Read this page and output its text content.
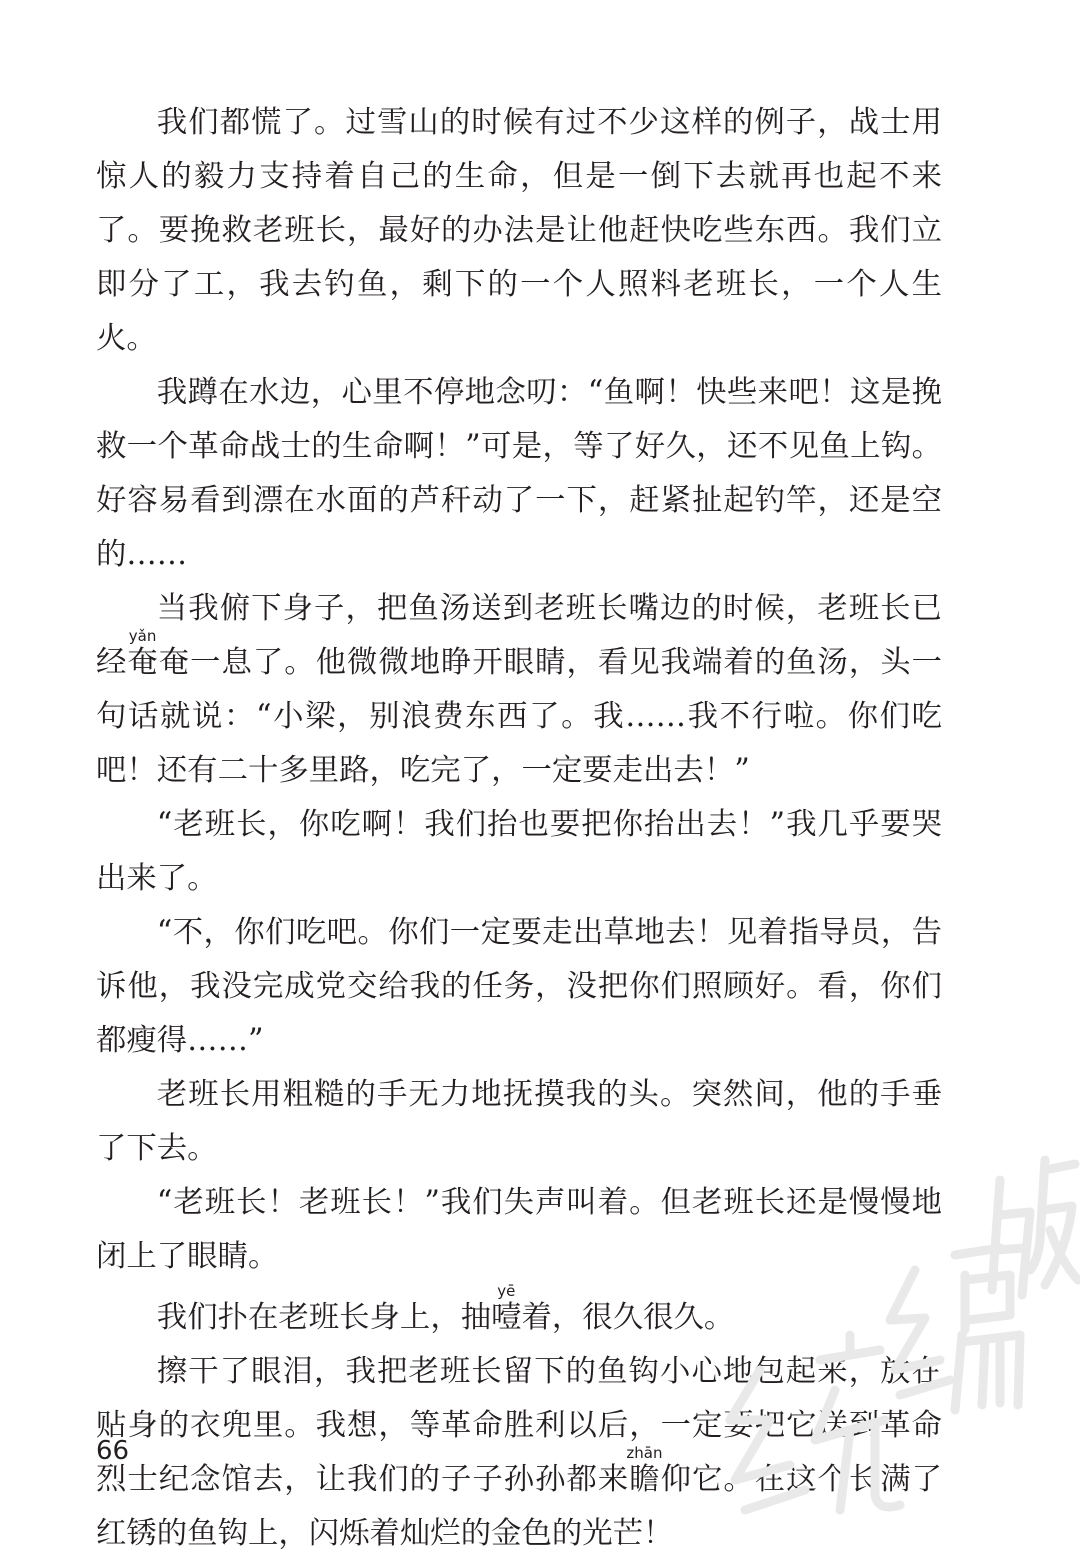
我们都慌了。过雪山的时候有过不少这样的例子，战士用惊人的毅力支持着自己的生命，但是一倒下去就再也起不来了。要挽救老班长，最好的办法是让他赶快吃些东西。我们立即分了工，我去钓鱼，剩下的一个人照料老班长，一个人生火。

我蹲在水边，心里不停地念叨：“鱼啊！快些来吧！这是挽救一个革命战士的生命啊！”可是，等了好久，还不见鱼上钩。好容易看到漂在水面的芦秆动了一下，赶紧扯起钓竿，还是空的……

当我俯下身子，把鱼汤送到老班长嘴边的时候，老班长已经奄yǎn奄一息了。他微微地睁开眼睛，看见我端着的鱼汤，头一句话就说：“小梁，别浪费东西了。我……我不行啦。你们吃吧！还有二十多里路，吃完了，一定要走出去！”

“老班长，你吃啊！我们抬也要把你抬出去！”我几乎要哭出来了。

“不，你们吃吧。你们一定要走出草地去！见着指导员，告诉他，我没完成党交给我的任务，没把你们照顾好。看，你们都瘦得……”

老班长用粗糙的手无力地抚摸我的头。突然间，他的手垂了下去。

“老班长！老班长！”我们失声叫着。但老班长还是慢慢地闭上了眼睛。

我们扑在老班长身上，抽噎yē着，很久很久。

擦干了眼泪，我把老班长留下的鱼钩小心地包起来，放在贴身的衣兜里。我想，等革命胜利以后，一定要把它送到革命烈士纪念馆去，让我们的子子孙孙都来瞻zhān仰它。在这个长满了红锈的鱼钩上，闪烁着灿烂的金色的光芒！

66
